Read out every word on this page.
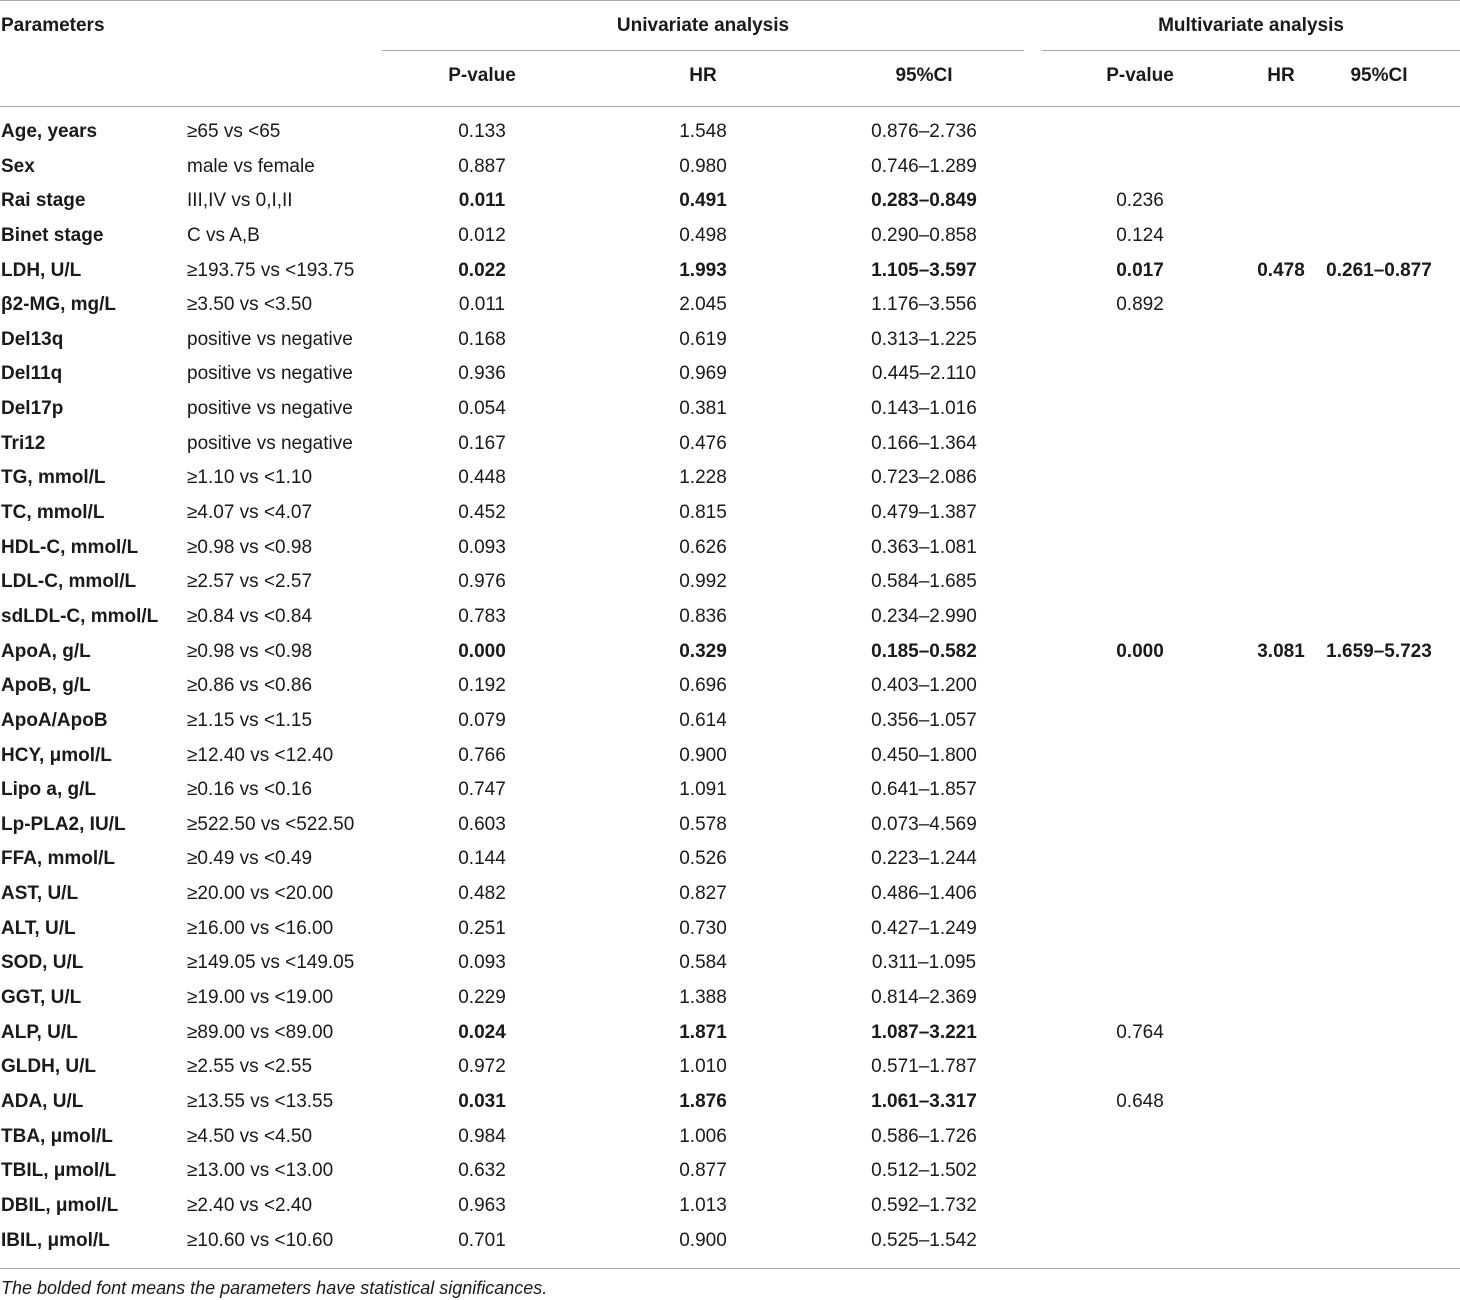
Parameters	Univariate analysis	Multivariate analysis
P-value	HR	95%CI	P-value	HR	95%CI
Age, years	≥65 vs <65	0.133	1.548	0.876–2.736
Sex	male vs female	0.887	0.980	0.746–1.289
Rai stage	III,IV vs 0,I,II	0.011	0.491	0.283–0.849	0.236
Binet stage	C vs A,B	0.012	0.498	0.290–0.858	0.124
LDH, U/L	≥193.75 vs <193.75	0.022	1.993	1.105–3.597	0.017	0.478	0.261–0.877
β2-MG, mg/L	≥3.50 vs <3.50	0.011	2.045	1.176–3.556	0.892
Del13q	positive vs negative	0.168	0.619	0.313–1.225
Del11q	positive vs negative	0.936	0.969	0.445–2.110
Del17p	positive vs negative	0.054	0.381	0.143–1.016
Tri12	positive vs negative	0.167	0.476	0.166–1.364
TG, mmol/L	≥1.10 vs <1.10	0.448	1.228	0.723–2.086
TC, mmol/L	≥4.07 vs <4.07	0.452	0.815	0.479–1.387
HDL-C, mmol/L	≥0.98 vs <0.98	0.093	0.626	0.363–1.081
LDL-C, mmol/L	≥2.57 vs <2.57	0.976	0.992	0.584–1.685
sdLDL-C, mmol/L ≥0.84 vs <0.84	0.783	0.836	0.234–2.990
ApoA, g/L	≥0.98 vs <0.98	0.000	0.329	0.185–0.582	0.000	3.081	1.659–5.723
ApoB, g/L	≥0.86 vs <0.86	0.192	0.696	0.403–1.200
ApoA/ApoB	≥1.15 vs <1.15	0.079	0.614	0.356–1.057
HCY, μmol/L	≥12.40 vs <12.40	0.766	0.900	0.450–1.800
Lipo a, g/L	≥0.16 vs <0.16	0.747	1.091	0.641–1.857
Lp-PLA2, IU/L	≥522.50 vs <522.50	0.603	0.578	0.073–4.569
FFA, mmol/L	≥0.49 vs <0.49	0.144	0.526	0.223–1.244
AST, U/L	≥20.00 vs <20.00	0.482	0.827	0.486–1.406
ALT, U/L	≥16.00 vs <16.00	0.251	0.730	0.427–1.249
SOD, U/L	≥149.05 vs <149.05	0.093	0.584	0.311–1.095
GGT, U/L	≥19.00 vs <19.00	0.229	1.388	0.814–2.369
ALP, U/L	≥89.00 vs <89.00	0.024	1.871	1.087–3.221	0.764
GLDH, U/L	≥2.55 vs <2.55	0.972	1.010	0.571–1.787
ADA, U/L	≥13.55 vs <13.55	0.031	1.876	1.061–3.317	0.648
TBA, μmol/L	≥4.50 vs <4.50	0.984	1.006	0.586–1.726
TBIL, μmol/L	≥13.00 vs <13.00	0.632	0.877	0.512–1.502
DBIL, μmol/L	≥2.40 vs <2.40	0.963	1.013	0.592–1.732
IBIL, μmol/L	≥10.60 vs <10.60	0.701	0.900	0.525–1.542
The bolded font means the parameters have statistical significances.
